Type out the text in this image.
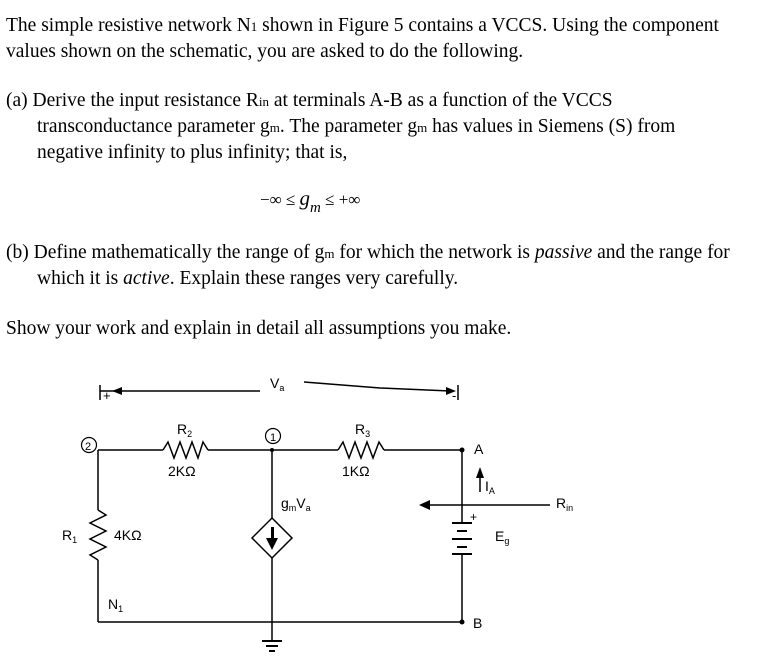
The simple resistive network N1 shown in Figure 5 contains a VCCS. Using the component values shown on the schematic, you are asked to do the following.
(a) Derive the input resistance Rin at terminals A-B as a function of the VCCS transconductance parameter gm. The parameter gm has values in Siemens (S) from negative infinity to plus infinity; that is,
−∞ ≤ gm ≤ +∞
(b) Define mathematically the range of gm for which the network is passive and the range for which it is active. Explain these ranges very carefully.
Show your work and explain in detail all assumptions you make.
$V_a$
+	-
2
1
$R_2$
2KΩ
$R_3$
1KΩ
$R_1$	4KΩ
$g_mV_a$
$N_1$
A
B
$I_A$
$E_g$
+
$R_{in}$
